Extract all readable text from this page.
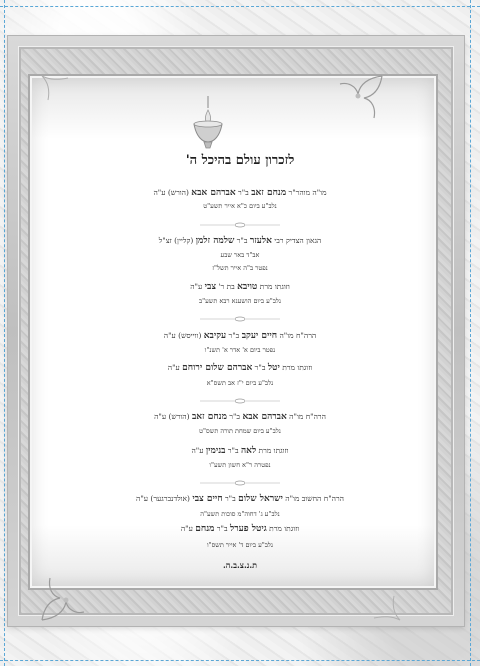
לזכרון עולם בהיכל ה'
מו"ה מוהר"ר מנחם זאב ב"ר אברהם אבא (הורש) ע"ה
נלב"ע ביום כ"א אייר תשע"ט
הגאון הצדיק רבי אלעזר ב"ר שלמה זלמן (קליין) זצ"ל
אב"ד באר שבע
נפטר ב"ה אייר תשל"ז
וזוגתו מרת טויבא בת ר' צבי ע"ה
נלב"ע ביום הושענא רבא תשע"ב
הרה"ח מו"ה חיים יעקב ב"ר עקיבא (ווייסש) ע"ה
נפטר ביום א' אדר א' תשנ"ו
וזוגתו מרת יטל ב"ר אברהם שלום ירוחם ע"ה
נלב"ע ביום י"ז אב תשס"א
הרה"ח מו"ה אברהם אבא ב"ר מנחם זאב (הורש) ע"ה
נלב"ע ביום שמחת תורה תשס"ט
וזוגתו מרת לאה ב"ר בנימין ע"ה
נפטרה ר"א חשון תשע"ו
הרה"ח החשוב מו"ה ישראל שלום ב"ר חיים צבי (אולדנברגער) ע"ה
נלב"ע ג' דחוה"מ סוכות תשע"ה
וזוגתו מרת גיטל פערל ב"ר מנחם ע"ה
נלב"ע ביום ד' אייר תשס"ו
ת.נ.צ.ב.ה.
